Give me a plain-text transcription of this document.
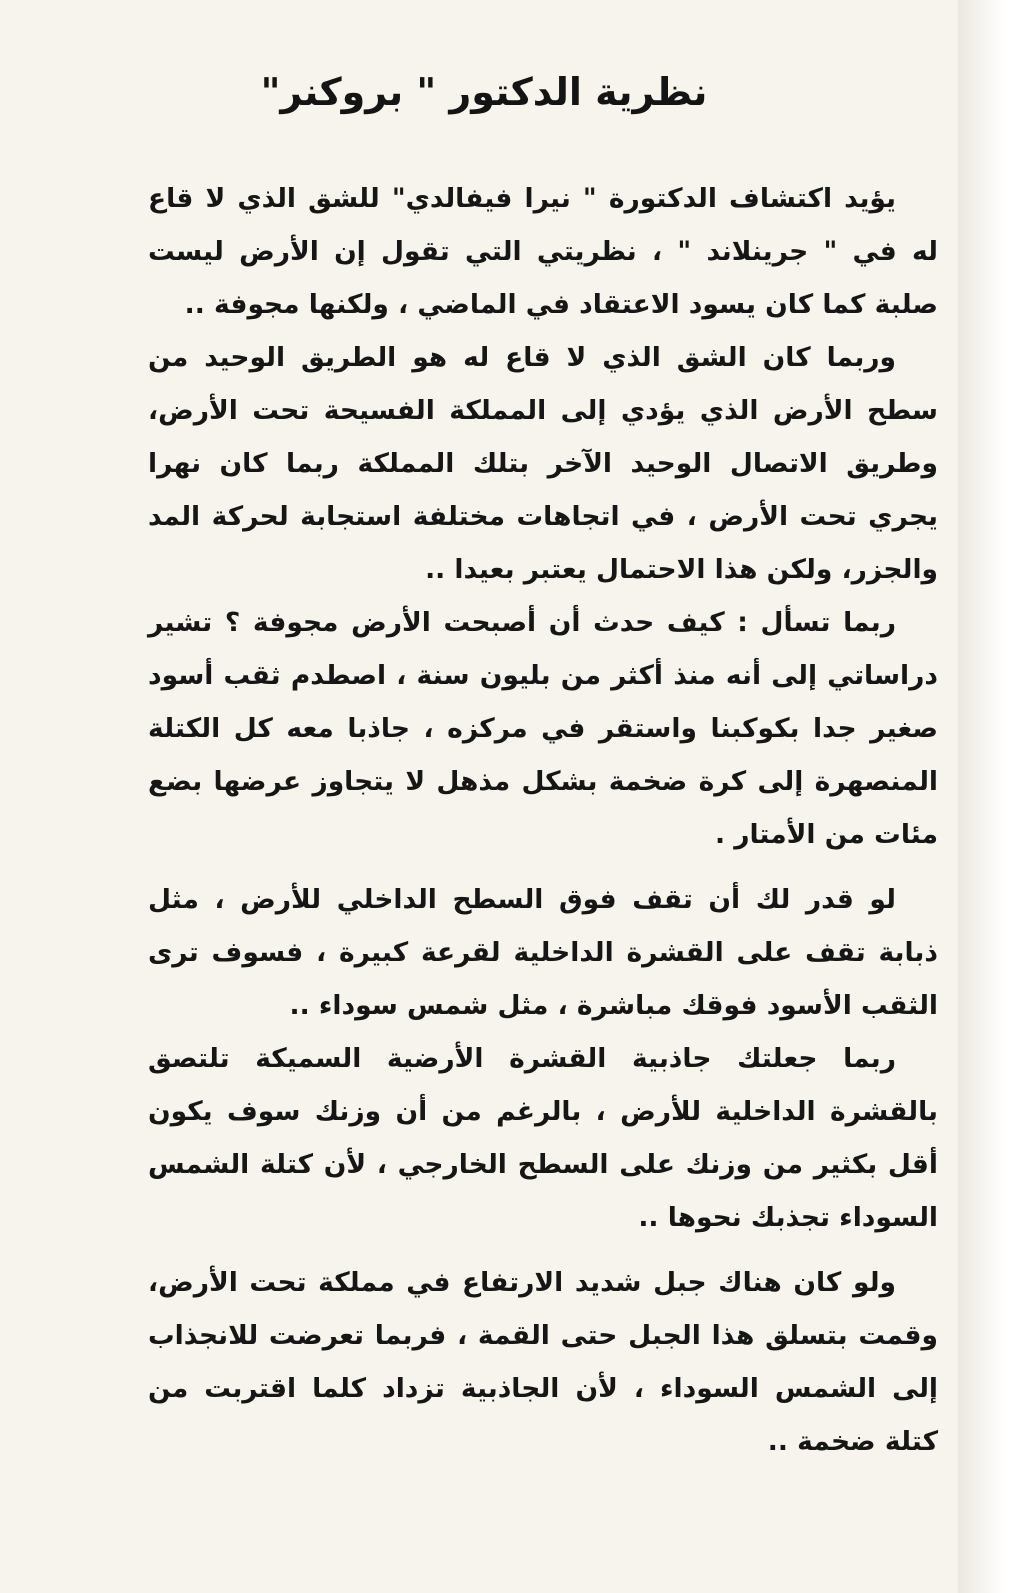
نظرية الدكتور " بروكنر"

يؤيد اكتشاف الدكتورة " نيرا فيفالدي" للشق الذي لا قاع له في " جرينلاند " ، نظريتي التي تقول إن الأرض ليست صلبة كما كان يسود الاعتقاد في الماضي ، ولكنها مجوفة ..

وربما كان الشق الذي لا قاع له هو الطريق الوحيد من سطح الأرض الذي يؤدي إلى المملكة الفسيحة تحت الأرض، وطريق الاتصال الوحيد الآخر بتلك المملكة ربما كان نهرا يجري تحت الأرض ، في اتجاهات مختلفة استجابة لحركة المد والجزر، ولكن هذا الاحتمال يعتبر بعيدا ..

ربما تسأل : كيف حدث أن أصبحت الأرض مجوفة ؟ تشير دراساتي إلى أنه منذ أكثر من بليون سنة ، اصطدم ثقب أسود صغير جدا بكوكبنا واستقر في مركزه ، جاذبا معه كل الكتلة المنصهرة إلى كرة ضخمة بشكل مذهل لا يتجاوز عرضها بضع مئات من الأمتار .

لو قدر لك أن تقف فوق السطح الداخلي للأرض ، مثل ذبابة تقف على القشرة الداخلية لقرعة كبيرة ، فسوف ترى الثقب الأسود فوقك مباشرة ، مثل شمس سوداء ..

ربما جعلتك جاذبية القشرة الأرضية السميكة تلتصق بالقشرة الداخلية للأرض ، بالرغم من أن وزنك سوف يكون أقل بكثير من وزنك على السطح الخارجي ، لأن كتلة الشمس السوداء تجذبك نحوها ..

ولو كان هناك جبل شديد الارتفاع في مملكة تحت الأرض، وقمت بتسلق هذا الجبل حتى القمة ، فربما تعرضت للانجذاب إلى الشمس السوداء ، لأن الجاذبية تزداد كلما اقتربت من كتلة ضخمة ..
